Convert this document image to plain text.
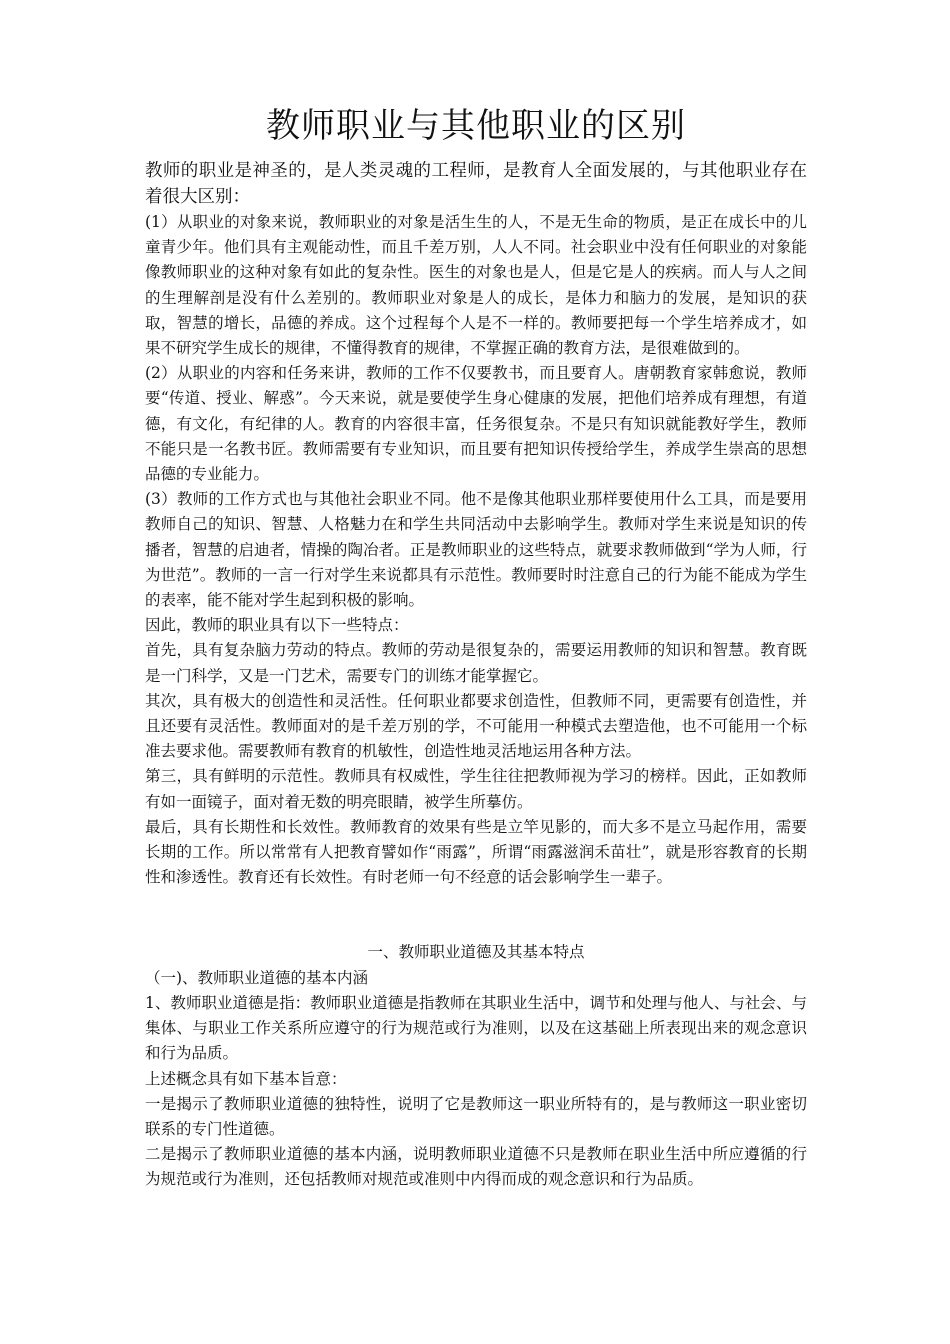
教师职业与其他职业的区别

教师的职业是神圣的，是人类灵魂的工程师，是教育人全面发展的，与其他职业存在着很大区别：

(1）从职业的对象来说，教师职业的对象是活生生的人，不是无生命的物质，是正在成长中的儿童青少年。他们具有主观能动性，而且千差万别，人人不同。社会职业中没有任何职业的对象能像教师职业的这种对象有如此的复杂性。医生的对象也是人，但是它是人的疾病。而人与人之间的生理解剖是没有什么差别的。教师职业对象是人的成长，是体力和脑力的发展，是知识的获取，智慧的增长，品德的养成。这个过程每个人是不一样的。教师要把每一个学生培养成才，如果不研究学生成长的规律，不懂得教育的规律，不掌握正确的教育方法，是很难做到的。

(2）从职业的内容和任务来讲，教师的工作不仅要教书，而且要育人。唐朝教育家韩愈说，教师要“传道、授业、解惑”。今天来说，就是要使学生身心健康的发展，把他们培养成有理想，有道德，有文化，有纪律的人。教育的内容很丰富，任务很复杂。不是只有知识就能教好学生，教师不能只是一名教书匠。教师需要有专业知识，而且要有把知识传授给学生，养成学生崇高的思想品德的专业能力。

(3）教师的工作方式也与其他社会职业不同。他不是像其他职业那样要使用什么工具，而是要用教师自己的知识、智慧、人格魅力在和学生共同活动中去影响学生。教师对学生来说是知识的传播者，智慧的启迪者，情操的陶冶者。正是教师职业的这些特点，就要求教师做到“学为人师，行为世范”。教师的一言一行对学生来说都具有示范性。教师要时时注意自己的行为能不能成为学生的表率，能不能对学生起到积极的影响。

因此，教师的职业具有以下一些特点：

首先，具有复杂脑力劳动的特点。教师的劳动是很复杂的，需要运用教师的知识和智慧。教育既是一门科学，又是一门艺术，需要专门的训练才能掌握它。

其次，具有极大的创造性和灵活性。任何职业都要求创造性，但教师不同，更需要有创造性，并且还要有灵活性。教师面对的是千差万别的学，不可能用一种模式去塑造他，也不可能用一个标准去要求他。需要教师有教育的机敏性，创造性地灵活地运用各种方法。

第三，具有鲜明的示范性。教师具有权威性，学生往往把教师视为学习的榜样。因此，正如教师有如一面镜子，面对着无数的明亮眼睛，被学生所摹仿。

最后，具有长期性和长效性。教师教育的效果有些是立竿见影的，而大多不是立马起作用，需要长期的工作。所以常常有人把教育譬如作“雨露”，所谓“雨露滋润禾苗壮”，就是形容教育的长期性和渗透性。教育还有长效性。有时老师一句不经意的话会影响学生一辈子。

一、教师职业道德及其基本特点

（一)、教师职业道德的基本内涵

1、教师职业道德是指：教师职业道德是指教师在其职业生活中，调节和处理与他人、与社会、与集体、与职业工作关系所应遵守的行为规范或行为准则，以及在这基础上所表现出来的观念意识和行为品质。

上述概念具有如下基本旨意：

一是揭示了教师职业道德的独特性，说明了它是教师这一职业所特有的，是与教师这一职业密切联系的专门性道德。

二是揭示了教师职业道德的基本内涵，说明教师职业道德不只是教师在职业生活中所应遵循的行为规范或行为准则，还包括教师对规范或准则中内得而成的观念意识和行为品质。
